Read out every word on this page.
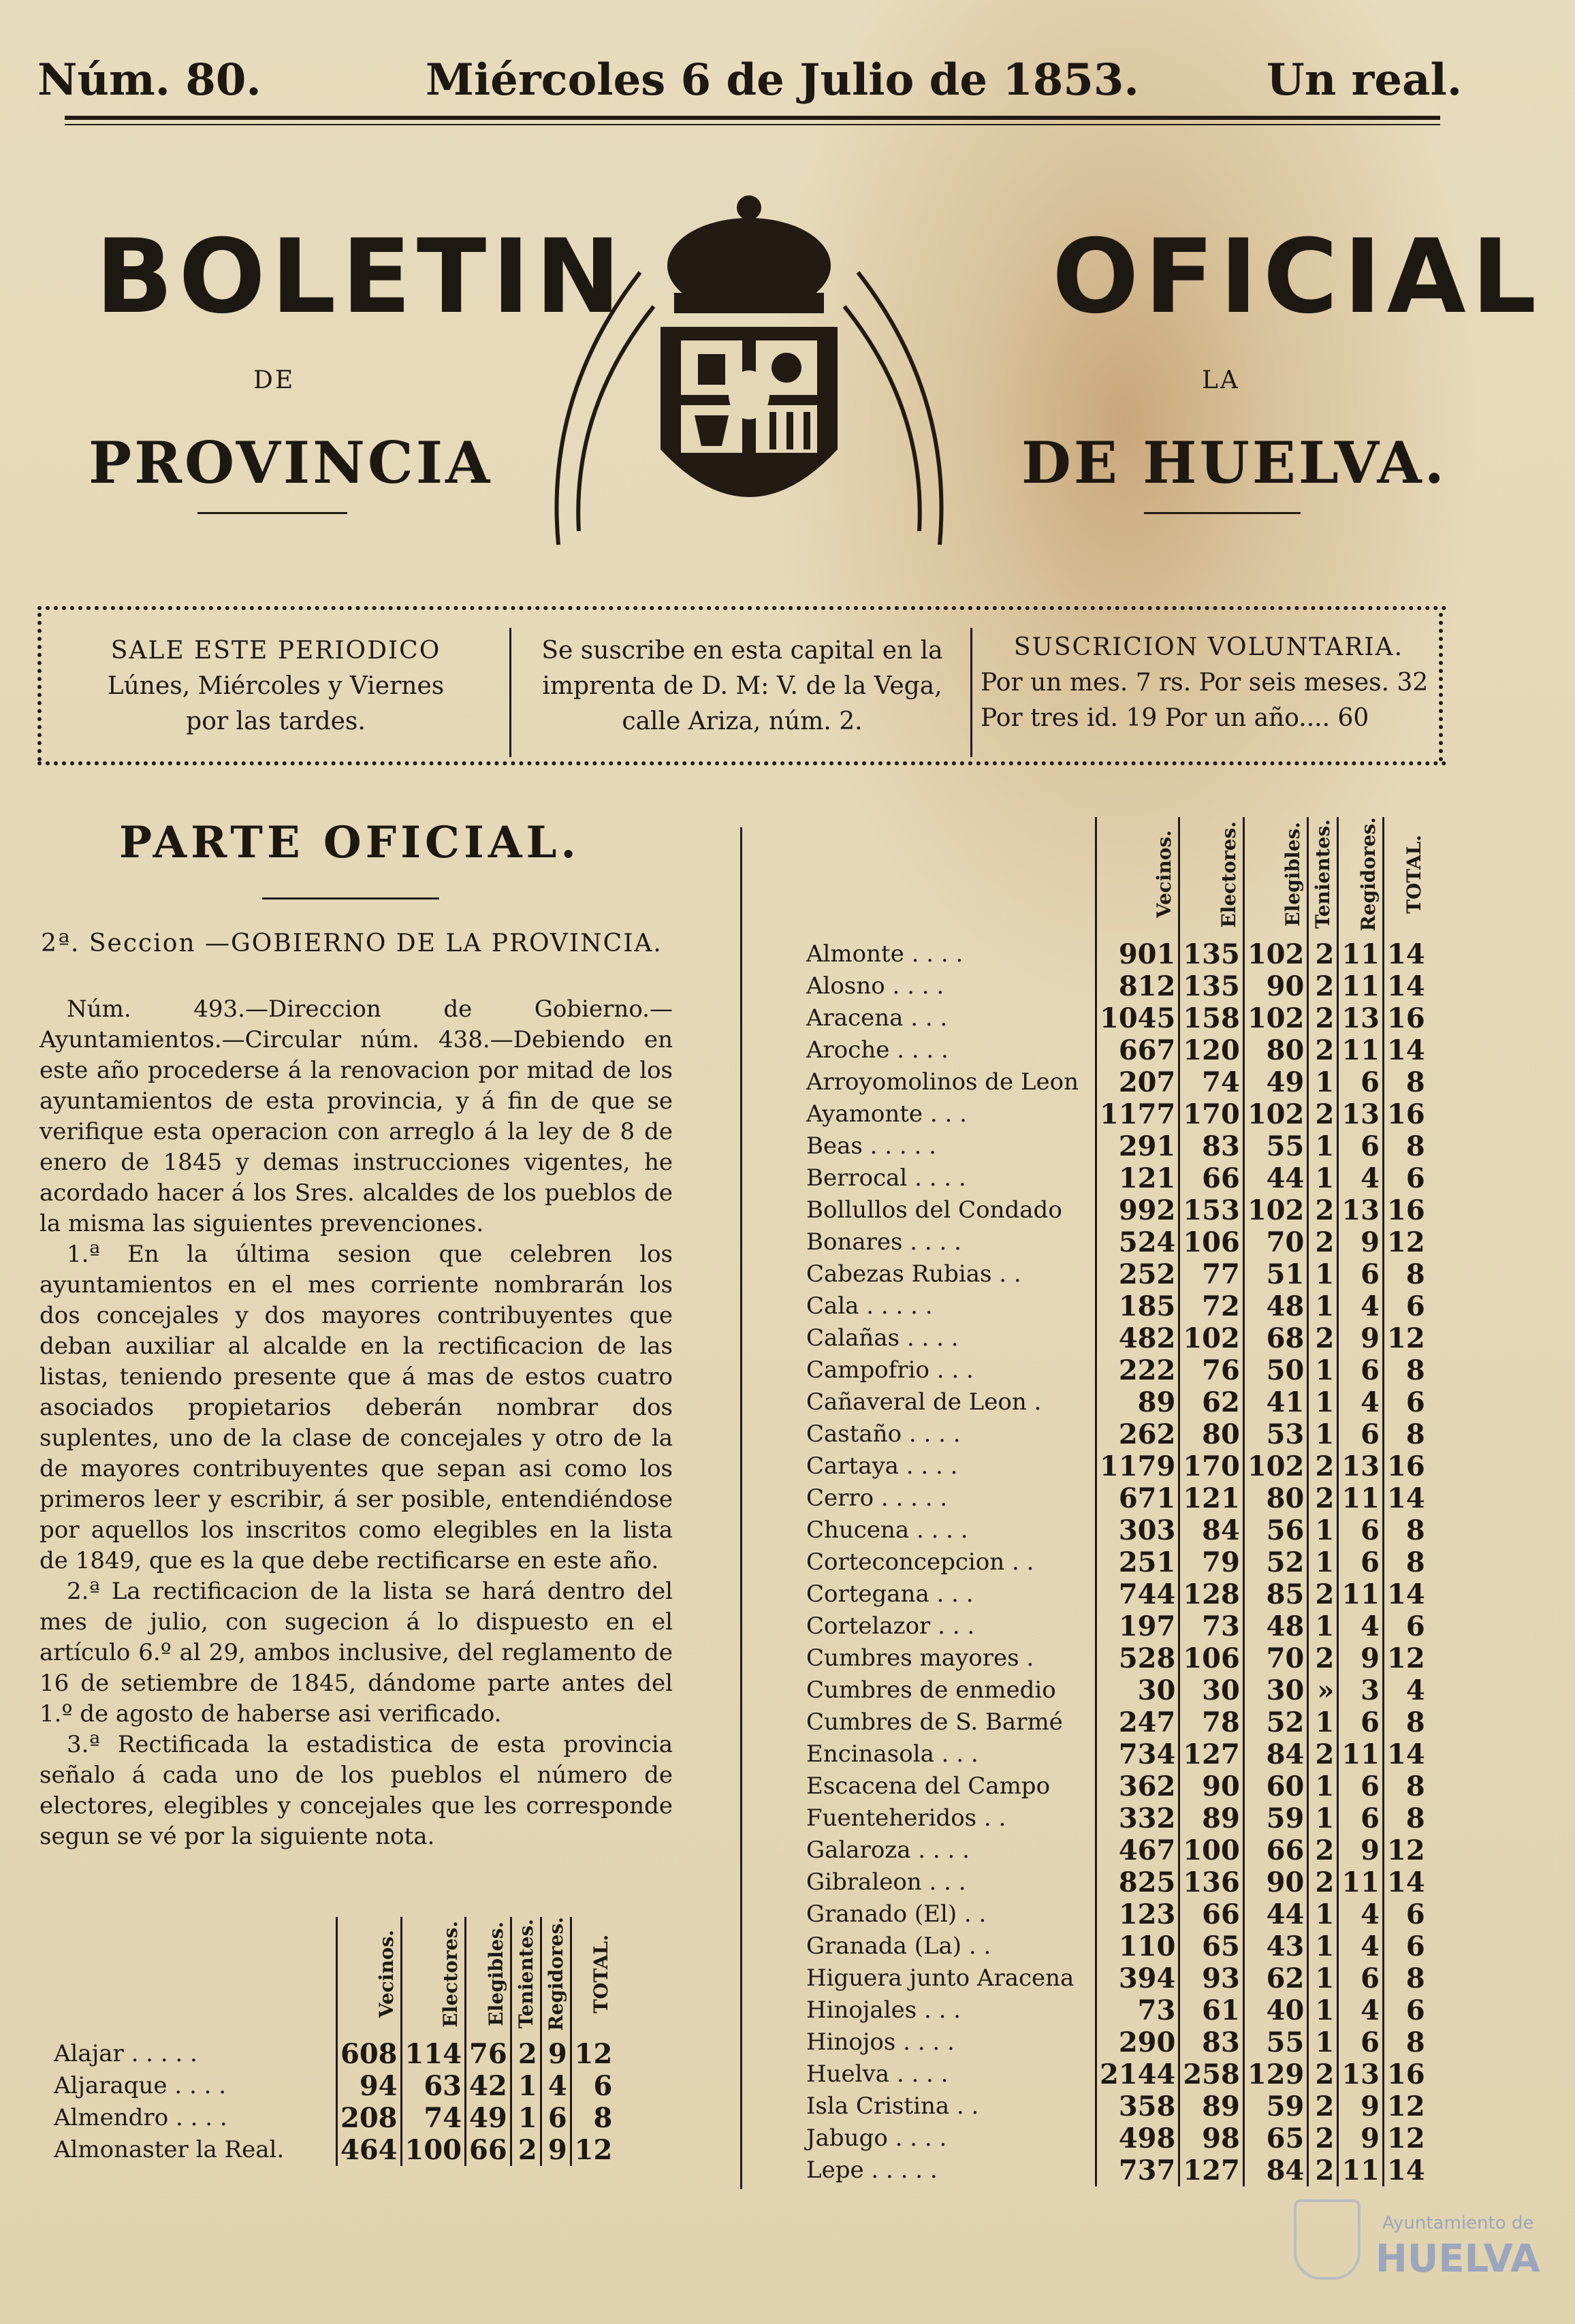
Núm. 80.	Miércoles 6 de Julio de 1853.	Un real.
BOLETIN
DE
PROVINCIA
OFICIAL
LA
DE HUELVA.
SALE ESTE PERIODICO
Lúnes, Miércoles y Viernes
por las tardes.
Se suscribe en esta capital en la
imprenta de D. M: V. de la Vega,
calle Ariza, núm. 2.
SUSCRICION VOLUNTARIA.
Por un mes. 7 rs. Por seis meses. 32
Por tres id. 19 Por un año.... 60
PARTE OFICIAL.
2ª. Seccion —GOBIERNO DE LA PROVINCIA.

Núm. 493.—Direccion de Gobierno.—Ayuntamientos.—Circular núm. 438.—Debiendo en este año procederse á la renovacion por mitad de los ayuntamientos de esta provincia, y á fin de que se verifique esta operacion con arreglo á la ley de 8 de enero de 1845 y demas instrucciones vigentes, he acordado hacer á los Sres. alcaldes de los pueblos de la misma las siguientes prevenciones.

1.ª En la última sesion que celebren los ayuntamientos en el mes corriente nombrarán los dos concejales y dos mayores contribuyentes que deban auxiliar al alcalde en la rectificacion de las listas, teniendo presente que á mas de estos cuatro asociados propietarios deberán nombrar dos suplentes, uno de la clase de concejales y otro de la de mayores contribuyentes que sepan asi como los primeros leer y escribir, á ser posible, entendiéndose por aquellos los inscritos como elegibles en la lista de 1849, que es la que debe rectificarse en este año.

2.ª La rectificacion de la lista se hará dentro del mes de julio, con sugecion á lo dispuesto en el artículo 6.º al 29, ambos inclusive, del reglamento de 16 de setiembre de 1845, dándome parte antes del 1.º de agosto de haberse asi verificado.

3.ª Rectificada la estadistica de esta provincia señalo á cada uno de los pueblos el número de electores, elegibles y concejales que les corresponde segun se vé por la siguiente nota.

	Vecinos.	Electores.	Elegibles.	Tenientes.	Regidores.	TOTAL.
Alajar . . . . .	608	114	76	2	9	12
Aljaraque . . . .	94	63	42	1	4	6
Almendro . . . .	208	74	49	1	6	8
Almonaster la Real.	464	100	66	2	9	12
	Vecinos.	Electores.	Elegibles.	Tenientes.	Regidores.	TOTAL.
Almonte . . . .	901	135	102	2	11	14
Alosno . . . .	812	135	90	2	11	14
Aracena . . .	1045	158	102	2	13	16
Aroche . . . .	667	120	80	2	11	14
Arroyomolinos de Leon	207	74	49	1	6	8
Ayamonte . . .	1177	170	102	2	13	16
Beas . . . . .	291	83	55	1	6	8
Berrocal . . . .	121	66	44	1	4	6
Bollullos del Condado	992	153	102	2	13	16
Bonares . . . .	524	106	70	2	9	12
Cabezas Rubias . .	252	77	51	1	6	8
Cala . . . . .	185	72	48	1	4	6
Calañas . . . .	482	102	68	2	9	12
Campofrio . . .	222	76	50	1	6	8
Cañaveral de Leon .	89	62	41	1	4	6
Castaño . . . .	262	80	53	1	6	8
Cartaya . . . .	1179	170	102	2	13	16
Cerro . . . . .	671	121	80	2	11	14
Chucena . . . .	303	84	56	1	6	8
Corteconcepcion . .	251	79	52	1	6	8
Cortegana . . .	744	128	85	2	11	14
Cortelazor . . .	197	73	48	1	4	6
Cumbres mayores .	528	106	70	2	9	12
Cumbres de enmedio	30	30	30	»	3	4
Cumbres de S. Barmé	247	78	52	1	6	8
Encinasola . . .	734	127	84	2	11	14
Escacena del Campo	362	90	60	1	6	8
Fuenteheridos . .	332	89	59	1	6	8
Galaroza . . . .	467	100	66	2	9	12
Gibraleon . . .	825	136	90	2	11	14
Granado (El) . .	123	66	44	1	4	6
Granada (La) . .	110	65	43	1	4	6
Higuera junto Aracena	394	93	62	1	6	8
Hinojales . . .	73	61	40	1	4	6
Hinojos . . . .	290	83	55	1	6	8
Huelva . . . .	2144	258	129	2	13	16
Isla Cristina . .	358	89	59	2	9	12
Jabugo . . . .	498	98	65	2	9	12
Lepe . . . . .	737	127	84	2	11	14
Ayuntamiento de
HUELVA
